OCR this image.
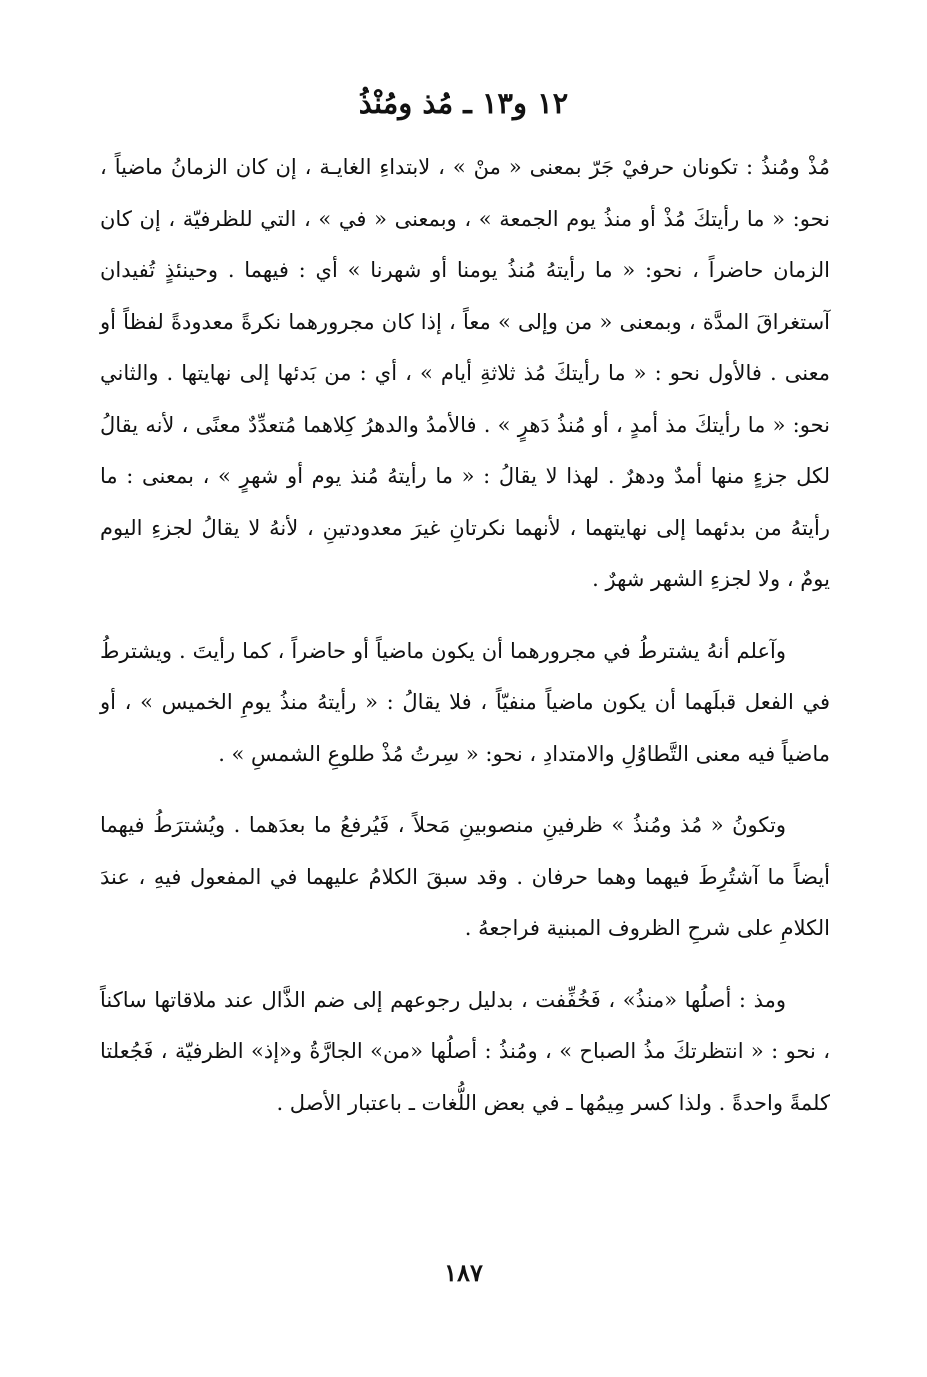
١٢ و١٣ ـ مُذ ومُنْذُ

مُذْ ومُنذُ : تكونان حرفيْ جَرّ بمعنى « منْ » ، لابتداءِ الغايـة ، إن كان الزمانُ ماضياً ، نحو: « ما رأيتكَ مُذْ أو منذُ يوم الجمعة » ، وبمعنى « في » ، التي للظرفيّة ، إن كان الزمان حاضراً ، نحو: « ما رأيتهُ مُنذُ يومنا أو شهرنا » أي : فيهما . وحينئذٍ تُفيدان آستغراقَ المدَّة ، وبمعنى « من وإلى » معاً ، إذا كان مجرورهما نكرةً معدودةً لفظاً أو معنى . فالأول نحو : « ما رأيتكَ مُذ ثلاثةِ أيام » ، أي : من بَدئها إلى نهايتها . والثاني نحو: « ما رأيتكَ مذ أمدٍ ، أو مُنذُ دَهرٍ » . فالأمدُ والدهرُ كِلاهما مُتعدِّدٌ معنًى ، لأنه يقالُ لكل جزءٍ منها أمدٌ ودهرٌ . لهذا لا يقالُ : « ما رأيتهُ مُنذ يوم أو شهرٍ » ، بمعنى : ما رأيتهُ من بدئهما إلى نهايتهما ، لأنهما نكرتانِ غيرَ معدودتينِ ، لأنهُ لا يقالُ لجزءِ اليوم يومٌ ، ولا لجزءِ الشهر شهرٌ .

وآعلم أنهُ يشترطُ في مجرورهما أن يكون ماضياً أو حاضراً ، كما رأيتَ . ويشترطُ في الفعل قبلَهما أن يكون ماضياً منفيّاً ، فلا يقالُ : « رأيتهُ منذُ يومِ الخميس » ، أو ماضياً فيه معنى التَّطاوُلِ والامتدادِ ، نحو: « سِرتُ مُذْ طلوعِ الشمسِ » .

وتكونُ « مُذ ومُنذُ » ظرفينِ منصوبينِ مَحلاً ، فَيُرفعُ ما بعدَهما . ويُشترَطُ فيهما أيضاً ما آشتُرِطَ فيهما وهما حرفان . وقد سبقَ الكلامُ عليهما في المفعول فيهِ ، عندَ الكلامِ على شرحِ الظروف المبنية فراجعهُ .

ومذ : أصلُها «منذُ» ، فَخُفِّفت ، بدليل رجوعهم إلى ضم الذَّال عند ملاقاتها ساكناً ، نحو : « انتظرتكَ مذُ الصباح » ، ومُنذُ : أصلُها «من» الجارَّةُ و«إذ» الظرفيّة ، فَجُعلتا كلمةً واحدةً . ولذا كسر مِيمُها ـ في بعض اللُّغات ـ باعتبار الأصل .

١٨٧
